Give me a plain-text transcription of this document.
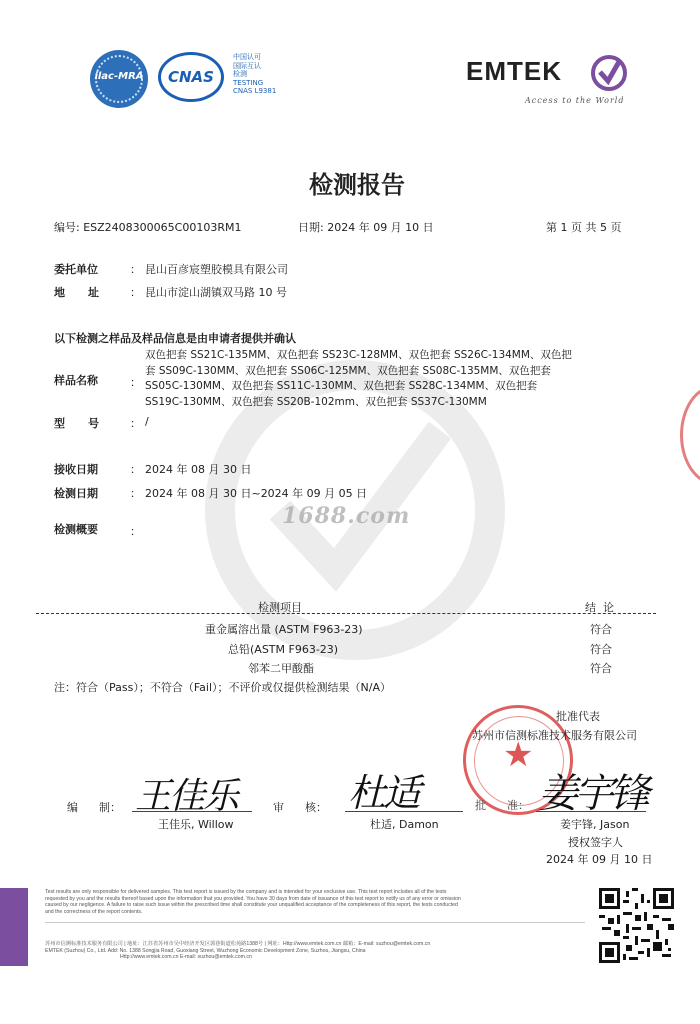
1688.com
ilac-MRA	CNAS
中国认可
国际互认
检测
TESTING
CNAS L9381
EMTEK
Access to the World
检测报告
编号: ESZ2408300065C00103RM1	日期: 2024 年 09 月 10 日	第 1 页 共 5 页
委托单位	： 昆山百彦宸塑胶模具有限公司
地      址	： 昆山市淀山湖镇双马路 10 号
以下检测之样品及样品信息是由申请者提供并确认
样品名称	：
双色把套 SS21C-135MM、双色把套 SS23C-128MM、双色把套 SS26C-134MM、双色把
套 SS09C-130MM、双色把套 SS06C-125MM、双色把套 SS08C-135MM、双色把套
SS05C-130MM、双色把套 SS11C-130MM、双色把套 SS28C-134MM、双色把套
SS19C-130MM、双色把套 SS20B-102mm、双色把套 SS37C-130MM
型      号	： /
接收日期	： 2024 年 08 月 30 日
检测日期	： 2024 年 08 月 30 日~2024 年 09 月 05 日
检测概要	：
检测项目	结  论
重金属溶出量 (ASTM F963-23)	符合
总铅(ASTM F963-23)	符合
邻苯二甲酸酯	符合
注：符合（Pass）；不符合（Fail）；不评价或仅提供检测结果（N/A）
★
批准代表
苏州市信测标准技术服务有限公司
编      制： 王佳乐
王佳乐, Willow
审      核： 杜适
杜适, Damon
批      准： 姜宇锋
姜宇锋, Jason
授权签字人
2024 年 09 月 10 日
Test results are only responsible for delivered samples. This test report is issued by the company and is intended for your exclusive use. This test report includes all of the tests
requested by you and the results thereof based upon the information that you provided. You have 30 days from date of issuance of this test report to notify us of any error or omission
caused by our negligence. A failure to raise such issue within the prescribed time shall constitute your unqualified acceptance of the completeness of this report, the tests conducted
and the correctness of the report contents.
苏州市信测标准技术服务有限公司 | 地址：江苏省苏州市吴中经济开发区郭巷街道松苑路1388号 | 网址：Http://www.emtek.com.cn 邮箱：E-mail: suzhou@emtek.com.cn
EMTEK (Suzhou) Co., Ltd. Add: No. 1388 Songjia Road, Guoxiang Street, Wuzhong Economic Development Zone, Suzhou, Jiangsu, China
Http://www.emtek.com.cn E-mail: suzhou@emtek.com.cn
